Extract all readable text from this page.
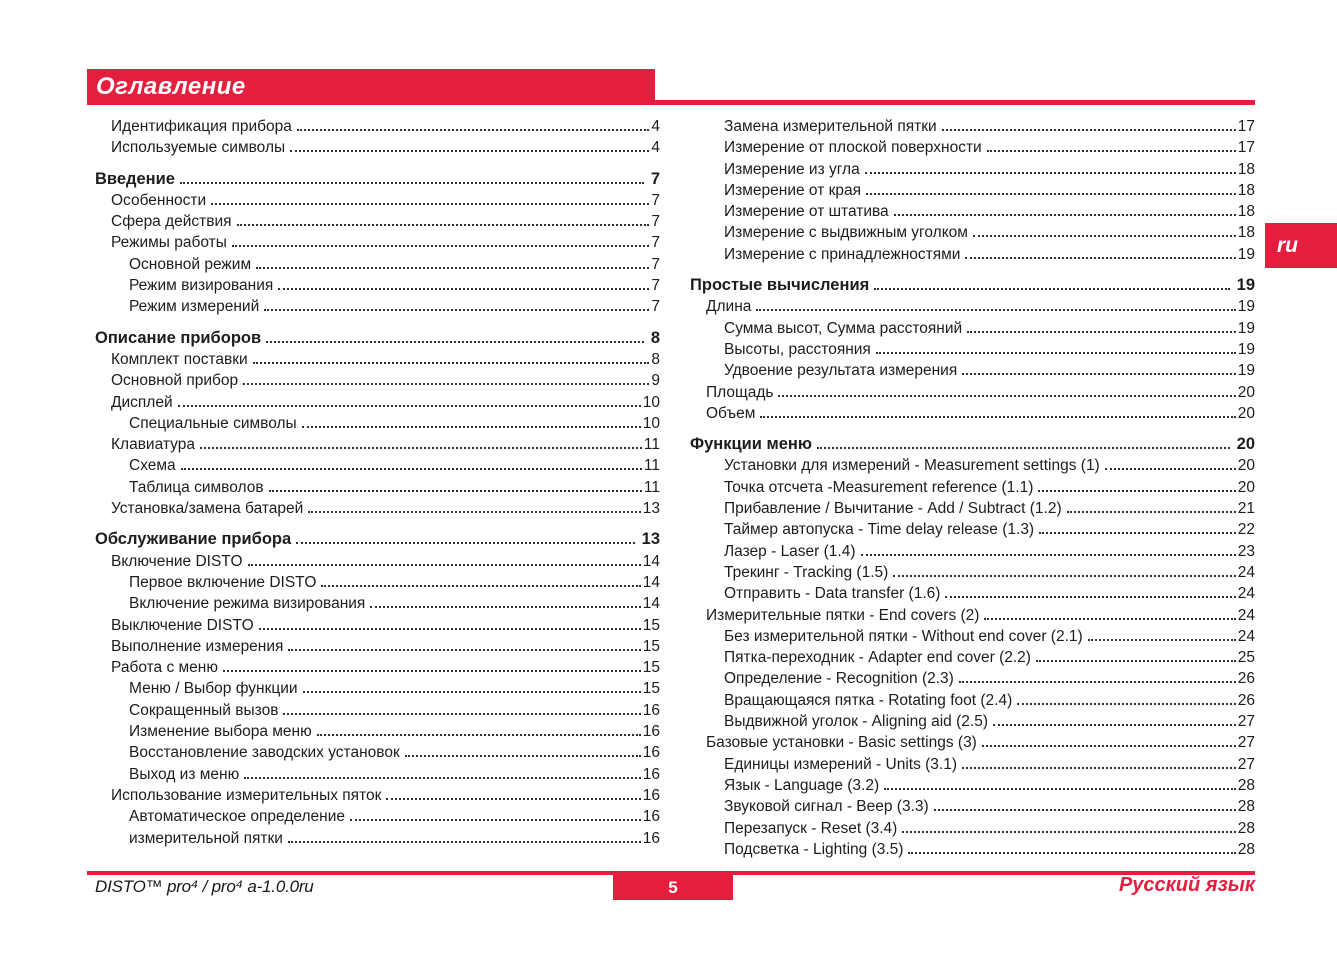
Оглавление
Идентификация прибора	4
Используемые символы	4
Введение	7
Особенности	7
Сфера действия	7
Режимы работы	7
Основной режим	7
Режим визирования	7
Режим измерений	7
Описание приборов	8
Комплект поставки	8
Основной прибор	9
Дисплей	10
Специальные символы	10
Клавиатура	11
Схема	11
Таблица символов	11
Установка/замена батарей	13
Обслуживание прибора	13
Включение DISTO	14
Первое включение DISTO	14
Включение режима визирования	14
Выключение DISTO	15
Выполнение измерения	15
Работа с меню	15
Меню / Выбор функции	15
Сокращенный вызов	16
Изменение выбора меню	16
Восстановление заводских установок	16
Выход из меню	16
Использование измерительных пяток	16
Автоматическое определение	16
измерительной пятки	16
Замена измерительной пятки	17
Измерение от плоской поверхности	17
Измерение из угла	18
Измерение от края	18
Измерение от штатива	18
Измерение с выдвижным уголком	18
Измерение с принадлежностями	19
Простые вычисления	19
Длина	19
Сумма высот, Сумма расстояний	19
Высоты, расстояния	19
Удвоение результата измерения	19
Площадь	20
Объем	20
Функции меню	20
Установки для измерений - Measurement settings (1)	20
Точка отсчета -Measurement reference (1.1)	20
Прибавление / Вычитание - Add / Subtract (1.2)	21
Таймер автопуска - Time delay release (1.3)	22
Лазер - Laser (1.4)	23
Трекинг - Tracking (1.5)	24
Отправить - Data transfer (1.6)	24
Измерительные пятки - End covers (2)	24
Без измерительной пятки - Without end cover (2.1)	24
Пятка-переходник - Adapter end cover (2.2)	25
Определение - Recognition (2.3)	26
Вращающаяся пятка - Rotating foot (2.4)	26
Выдвижной уголок - Aligning aid (2.5)	27
Базовые установки - Basic settings (3)	27
Единицы измерений - Units (3.1)	27
Язык - Language (3.2)	28
Звуковой сигнал - Beep (3.3)	28
Перезапуск - Reset (3.4)	28
Подсветка - Lighting (3.5)	28
ru
DISTO™ pro⁴ / pro⁴ a-1.0.0ru	5	Русский язык
